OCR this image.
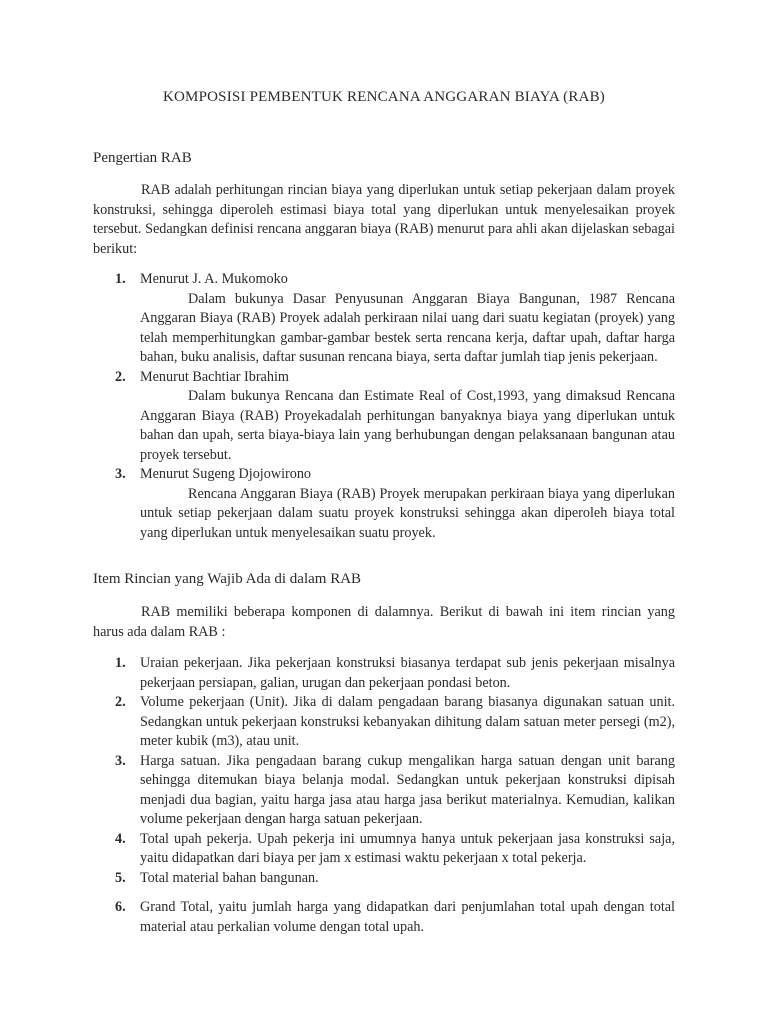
KOMPOSISI PEMBENTUK RENCANA ANGGARAN BIAYA (RAB)
Pengertian RAB

RAB adalah perhitungan rincian biaya yang diperlukan untuk setiap pekerjaan dalam proyek konstruksi, sehingga diperoleh estimasi biaya total yang diperlukan untuk menyelesaikan proyek tersebut. Sedangkan definisi rencana anggaran biaya (RAB) menurut para ahli akan dijelaskan sebagai berikut:

1. Menurut J. A. Mukomoko
Dalam bukunya Dasar Penyusunan Anggaran Biaya Bangunan, 1987 Rencana Anggaran Biaya (RAB) Proyek adalah perkiraan nilai uang dari suatu kegiatan (proyek) yang telah memperhitungkan gambar-gambar bestek serta rencana kerja, daftar upah, daftar harga bahan, buku analisis, daftar susunan rencana biaya, serta daftar jumlah tiap jenis pekerjaan.
2. Menurut Bachtiar Ibrahim
Dalam bukunya Rencana dan Estimate Real of Cost,1993, yang dimaksud Rencana Anggaran Biaya (RAB) Proyekadalah perhitungan banyaknya biaya yang diperlukan untuk bahan dan upah, serta biaya-biaya lain yang berhubungan dengan pelaksanaan bangunan atau proyek tersebut.
3. Menurut Sugeng Djojowirono
Rencana Anggaran Biaya (RAB) Proyek merupakan perkiraan biaya yang diperlukan untuk setiap pekerjaan dalam suatu proyek konstruksi sehingga akan diperoleh biaya total yang diperlukan untuk menyelesaikan suatu proyek.
Item Rincian yang Wajib Ada di dalam RAB

RAB memiliki beberapa komponen di dalamnya. Berikut di bawah ini item rincian yang harus ada dalam RAB :

1. Uraian pekerjaan. Jika pekerjaan konstruksi biasanya terdapat sub jenis pekerjaan misalnya pekerjaan persiapan, galian, urugan dan pekerjaan pondasi beton.
2. Volume pekerjaan (Unit). Jika di dalam pengadaan barang biasanya digunakan satuan unit. Sedangkan untuk pekerjaan konstruksi kebanyakan dihitung dalam satuan meter persegi (m2), meter kubik (m3), atau unit.
3. Harga satuan. Jika pengadaan barang cukup mengalikan harga satuan dengan unit barang sehingga ditemukan biaya belanja modal. Sedangkan untuk pekerjaan konstruksi dipisah menjadi dua bagian, yaitu harga jasa atau harga jasa berikut materialnya. Kemudian, kalikan volume pekerjaan dengan harga satuan pekerjaan.
4. Total upah pekerja. Upah pekerja ini umumnya hanya untuk pekerjaan jasa konstruksi saja, yaitu didapatkan dari biaya per jam x estimasi waktu pekerjaan x total pekerja.
5. Total material bahan bangunan.
6. Grand Total, yaitu jumlah harga yang didapatkan dari penjumlahan total upah dengan total material atau perkalian volume dengan total upah.
